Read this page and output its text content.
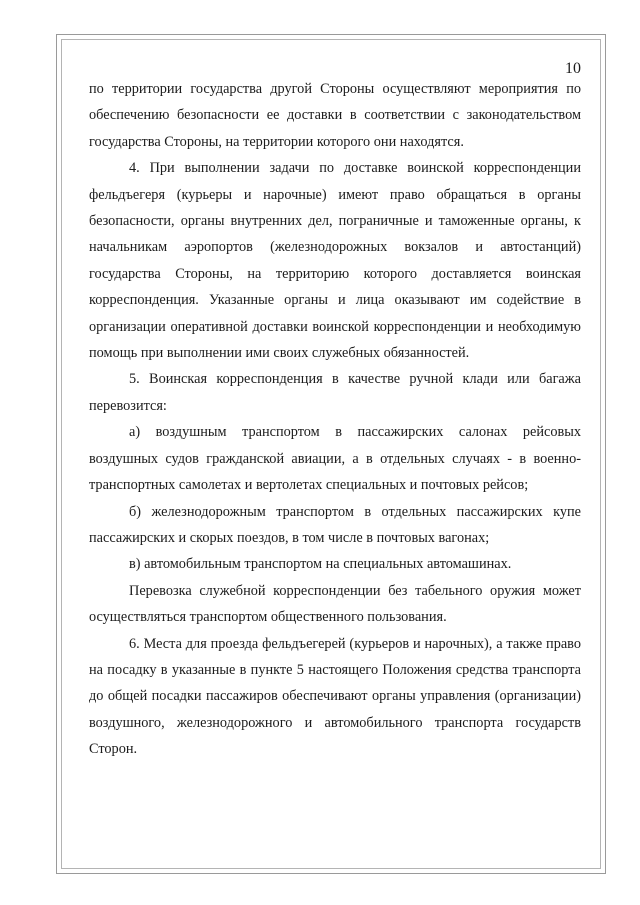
10

по территории государства другой Стороны осуществляют мероприятия по обеспечению безопасности ее доставки в соответствии с законодательством государства Стороны, на территории которого они находятся.

4. При выполнении задачи по доставке воинской корреспонденции фельдъегеря (курьеры и нарочные) имеют право обращаться в органы безопасности, органы внутренних дел, пограничные и таможенные органы, к начальникам аэропортов (железнодорожных вокзалов и автостанций) государства Стороны, на территорию которого доставляется воинская корреспонденция. Указанные органы и лица оказывают им содействие в организации оперативной доставки воинской корреспонденции и необходимую помощь при выполнении ими своих служебных обязанностей.

5. Воинская корреспонденция в качестве ручной клади или багажа перевозится:

а) воздушным транспортом в пассажирских салонах рейсовых воздушных судов гражданской авиации, а в отдельных случаях - в военно-транспортных самолетах и вертолетах специальных и почтовых рейсов;

б) железнодорожным транспортом в отдельных пассажирских купе пассажирских и скорых поездов, в том числе в почтовых вагонах;

в) автомобильным транспортом на специальных автомашинах.

Перевозка служебной корреспонденции без табельного оружия может осуществляться транспортом общественного пользования.

6. Места для проезда фельдъегерей (курьеров и нарочных), а также право на посадку в указанные в пункте 5 настоящего Положения средства транспорта до общей посадки пассажиров обеспечивают органы управления (организации) воздушного, железнодорожного и автомобильного транспорта государств Сторон.
